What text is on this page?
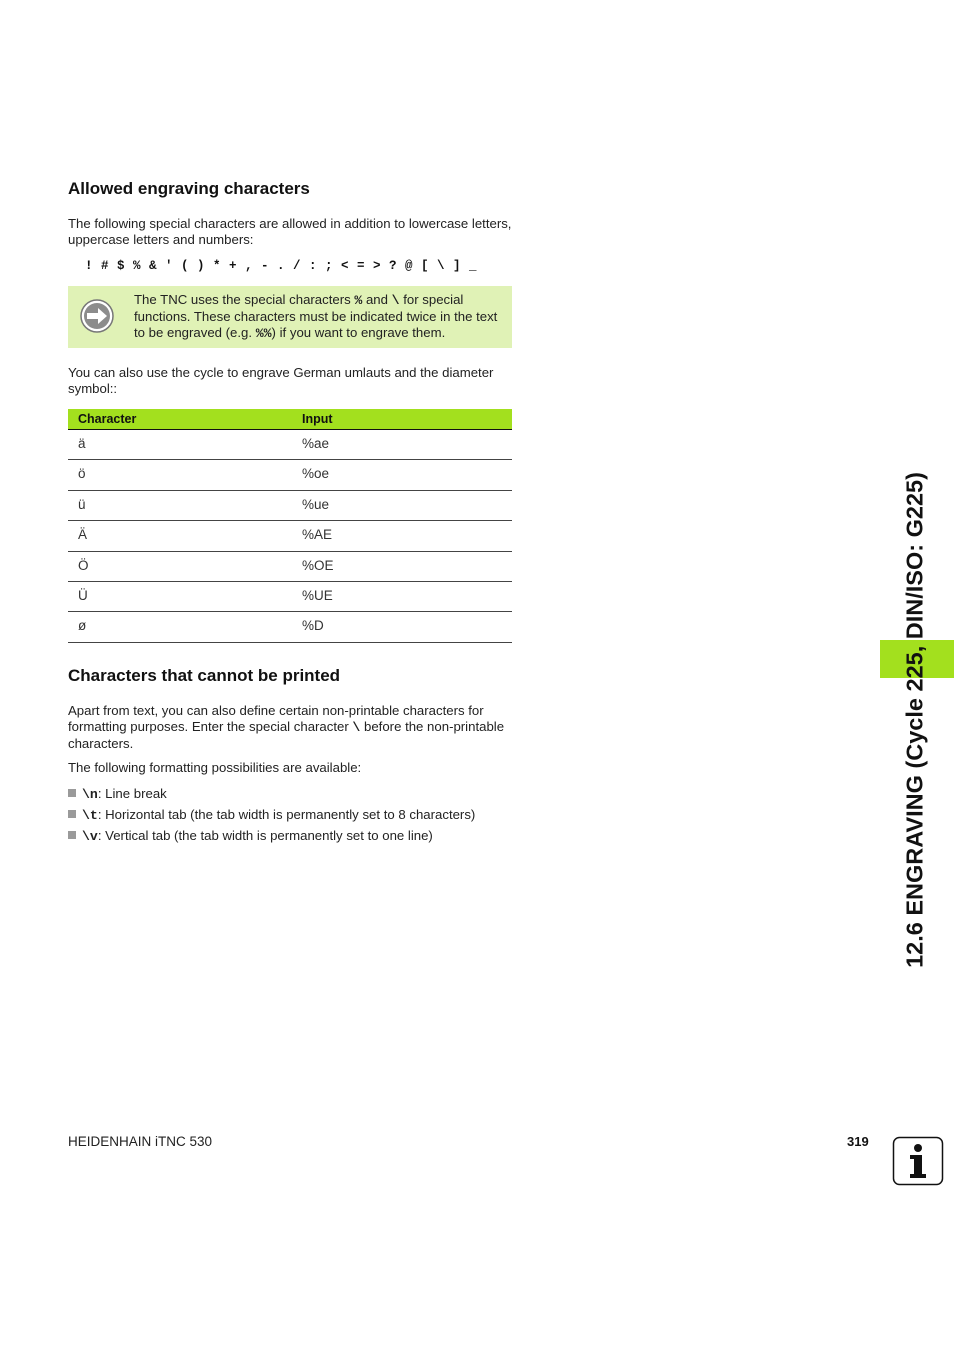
Allowed engraving characters
The following special characters are allowed in addition to lowercase letters, uppercase letters and numbers:
! # $ % & ' ( ) * + , - . / : ; < = > ? @ [ \ ] _
The TNC uses the special characters % and \ for special functions. These characters must be indicated twice in the text to be engraved (e.g. %%) if you want to engrave them.
You can also use the cycle to engrave German umlauts and the diameter symbol::
Character	Input
ä	%ae
ö	%oe
ü	%ue
Ä	%AE
Ö	%OE
Ü	%UE
ø	%D
Characters that cannot be printed
Apart from text, you can also define certain non-printable characters for formatting purposes. Enter the special character \ before the non-printable characters.
The following formatting possibilities are available:
\n: Line break
\t: Horizontal tab (the tab width is permanently set to 8 characters)
\v: Vertical tab (the tab width is permanently set to one line)	12.6 ENGRAVING (Cycle 225, DIN/ISO: G225)
HEIDENHAIN iTNC 530	319
